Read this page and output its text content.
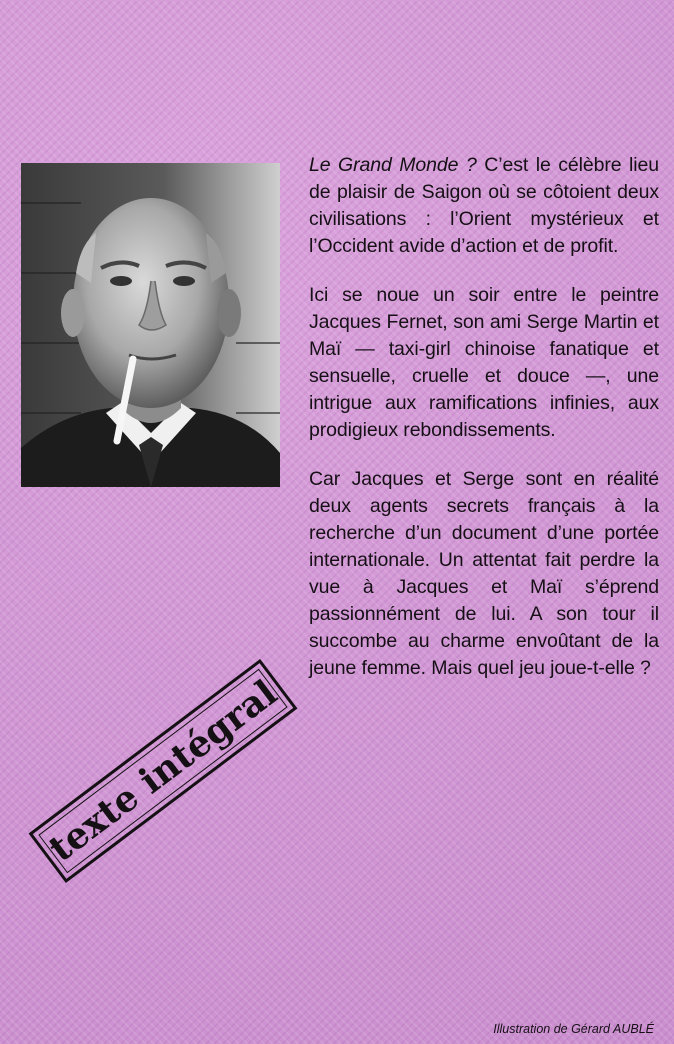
Le Grand Monde ? C’est le célèbre lieu de plaisir de Saigon où se côtoient deux civilisations : l’Orient mystérieux et l’Occident avide d’action et de profit.

Ici se noue un soir entre le peintre Jacques Fernet, son ami Serge Martin et Maï — taxi-girl chinoise fanatique et sensuelle, cruelle et douce —, une intrigue aux ramifications infinies, aux prodigieux rebondissements.

Car Jacques et Serge sont en réalité deux agents secrets français à la recherche d’un document d’une portée internationale. Un attentat fait perdre la vue à Jacques et Maï s’éprend passionnément de lui. A son tour il succombe au charme envoûtant de la jeune femme. Mais quel jeu joue-t-elle ?

texte intégral
Illustration de Gérard AUBLÉ
